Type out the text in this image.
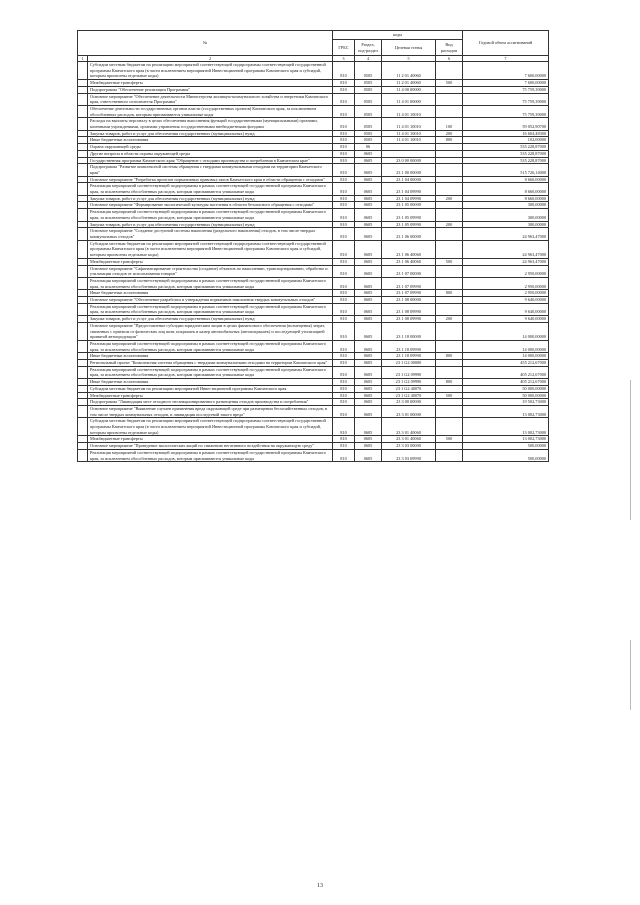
№		коды				Годовой объем ассигнований
		ГРБС	Раздел, под-раздел	Целевая статья	Вид расходов	
1	2	3	4	5	6	7
	Субсидии местным бюджетам на реализацию мероприятий соответствующей подпрограммы соответствующей государственной программы Камчатского края (в части исключением мероприятий Инвестиционной программы Камчатского края и субсидий, которым присвоены отдельные коды)	810	0505	11 2 01 40060		7 600,00000
	Межбюджетные трансферты	810	0505	11 2 01 40060	500	7 600,00000
	Подпрограмма "Обеспечение реализации Программы"	810	0505	11 4 00 00000		75 759,39000
	Основное мероприятие "Обеспечение деятельности Министерства жилищно-коммунального хозяйства и энергетики Камчатского края, ответственного исполнителя Программы"	810	0505	11 4 01 00000		75 759,39000
	Обеспечение деятельности государственных органов власти (государственных органов) Камчатского края, за исключением обособленных расходов, которым присваиваются уникальные коды	810	0505	11 4 01 10010		75 759,39000
	Расходы на выплаты персоналу в целях обеспечения выполнения функций государственными (муниципальными) органами, казенными учреждениями, органами управления государственными внебюджетными фондами	810	0505	11 4 01 10010	100	59 052,90700
	Закупка товаров, работ и услуг для обеспечения государственных (муниципальных) нужд	810	0505	11 4 01 10010	200	16 604,48300
	Иные бюджетные ассигнования	810	0505	11 4 01 10010	800	102,00000
	Охрана окружающей среды	810	06			535 228,87000
	Другие вопросы в области охраны окружающей среды	810	0605			535 228,87000
	Государственная программа Камчатского края "Обращение с отходами производства и потребления в Камчатском крае"	810	0605	23 0 00 00000		535 228,87000
	Подпрограмма "Развитие комплексной системы обращения с твердыми коммунальными отходами на территории Камчатского края"	810	0605	23 1 00 00000		515 726,14000
	Основное мероприятие "Разработка проектов нормативных правовых актов Камчатского края в области обращения с отходами"	810	0605	23 1 04 00000		8 660,00000
	Реализация мероприятий соответствующей подпрограммы в рамках соответствующей государственной программы Камчатского края, за исключением обособленных расходов, которым присваиваются уникальные коды	810	0605	23 1 04 09990		8 660,00000
	Закупка товаров, работ и услуг для обеспечения государственных (муниципальных) нужд	810	0605	23 1 04 09990	200	8 660,00000
	Основное мероприятие "Формирование экологической культуры населения в области безопасного обращения с отходами"	810	0605	23 1 05 00000		300,00000
	Реализация мероприятий соответствующей подпрограммы в рамках соответствующей государственной программы Камчатского края, за исключением обособленных расходов, которым присваиваются уникальные коды	810	0605	23 1 05 09990		300,00000
	Закупка товаров, работ и услуг для обеспечения государственных (муниципальных) нужд	810	0605	23 1 05 09990	200	300,00000
	Основное мероприятие "Создание доступной системы накопления (раздельного накопления) отходов, в том числе твердых коммунальных отходов"	810	0605	23 1 06 00000		24 963,47000
	Субсидии местным бюджетам на реализацию мероприятий соответствующей подпрограммы соответствующей государственной программы Камчатского края (в части исключением мероприятий Инвестиционной программы Камчатского края и субсидий, которым присвоены отдельные коды)	810	0605	23 1 06 40060		24 963,47000
	Межбюджетные трансферты	810	0605	23 1 06 40060	500	24 963,47000
	Основное мероприятие "Сафинансирование строительства (создание) объектов по накоплению, транспортированию, обработке и утилизации отходов от использования товаров"	810	0605	23 1 07 00000		2 950,00000
	Реализация мероприятий соответствующей подпрограммы в рамках соответствующей государственной программы Камчатского края, за исключением обособленных расходов, которым присваиваются уникальные коды	810	0605	23 1 07 09990		2 950,00000
	Иные бюджетные ассигнования	810	0605	23 1 07 09990	800	2 950,00000
	Основное мероприятие "Обеспечение разработки и утверждения нормативов накопления твердых коммунальных отходов"	810	0605	23 1 08 00000		9 640,00000
	Реализация мероприятий соответствующей подпрограммы в рамках соответствующей государственной программы Камчатского края, за исключением обособленных расходов, которым присваиваются уникальные коды	810	0605	23 1 08 09990		9 640,00000
	Закупка товаров, работ и услуг для обеспечения государственных (муниципальных) нужд	810	0605	23 1 08 09990	200	9 640,00000
	Основное мероприятие "Предоставление субсидии юридическим лицам в целях финансового обеспечения (возмещения) затрат, связанных с приемом от физических лиц шин, покрышек и камер автомобильных (автопокрышек) и последующей утилизацией принятой автопродукции"	810	0605	23 1 18 00000		14 000,00000
	Реализация мероприятий соответствующей подпрограммы в рамках соответствующей государственной программы Камчатского края, за исключением обособленных расходов, которым присваиваются уникальные коды	810	0605	23 1 18 09990		14 000,00000
	Иные бюджетные ассигнования	810	0605	23 1 18 09990	800	14 000,00000
	Региональный проект "Комплексная система обращения с твердыми коммунальными отходами на территории Камчатского края"	810	0605	23 1 G2 00000		455 212,67000
	Реализация мероприятий соответствующей подпрограммы в рамках соответствующей государственной программы Камчатского края, за исключением обособленных расходов, которым присваиваются уникальные коды	810	0605	23 1 G2 09990		405 212,67000
	Иные бюджетные ассигнования	810	0605	23 1 G2 09990	800	405 212,67000
	Субсидии местным бюджетам на реализацию мероприятий Инвестиционной программы Камчатского края	810	0605	23 1 G2 40070		50 000,00000
	Межбюджетные трансферты	810	0605	23 1 G2 40070	500	50 000,00000
	Подпрограмма "Ликвидация мест отходного несанкционированного размещения отходов производства и потребления"	810	0605	23 3 00 00000		19 502,73000
	Основное мероприятие "Выявление случаев причинения вреда окружающей среде при размещении бесхозяйственных отходов, в том числе твердых коммунальных отходов, и ликвидация последствий такого вреда"	810	0605	23 3 01 00000		13 002,73000
	Субсидии местным бюджетам на реализацию мероприятий соответствующей подпрограммы соответствующей государственной программы Камчатского края (в части исключением мероприятий Инвестиционной программы Камчатского края и субсидий, которым присвоены отдельные коды)	810	0605	23 3 01 40060		13 002,73000
	Межбюджетные трансферты	810	0605	23 3 01 40060	500	13 002,73000
	Основное мероприятие "Проведение экологических акций по снижению негативного воздействия на окружающую среду"	810	0605	23 3 03 00000		500,00000
	Реализация мероприятий соответствующей подпрограммы в рамках соответствующей государственной программы Камчатского края, за исключением обособленных расходов, которым присваиваются уникальные коды	810	0605	23 3 03 09990		500,00000
13
